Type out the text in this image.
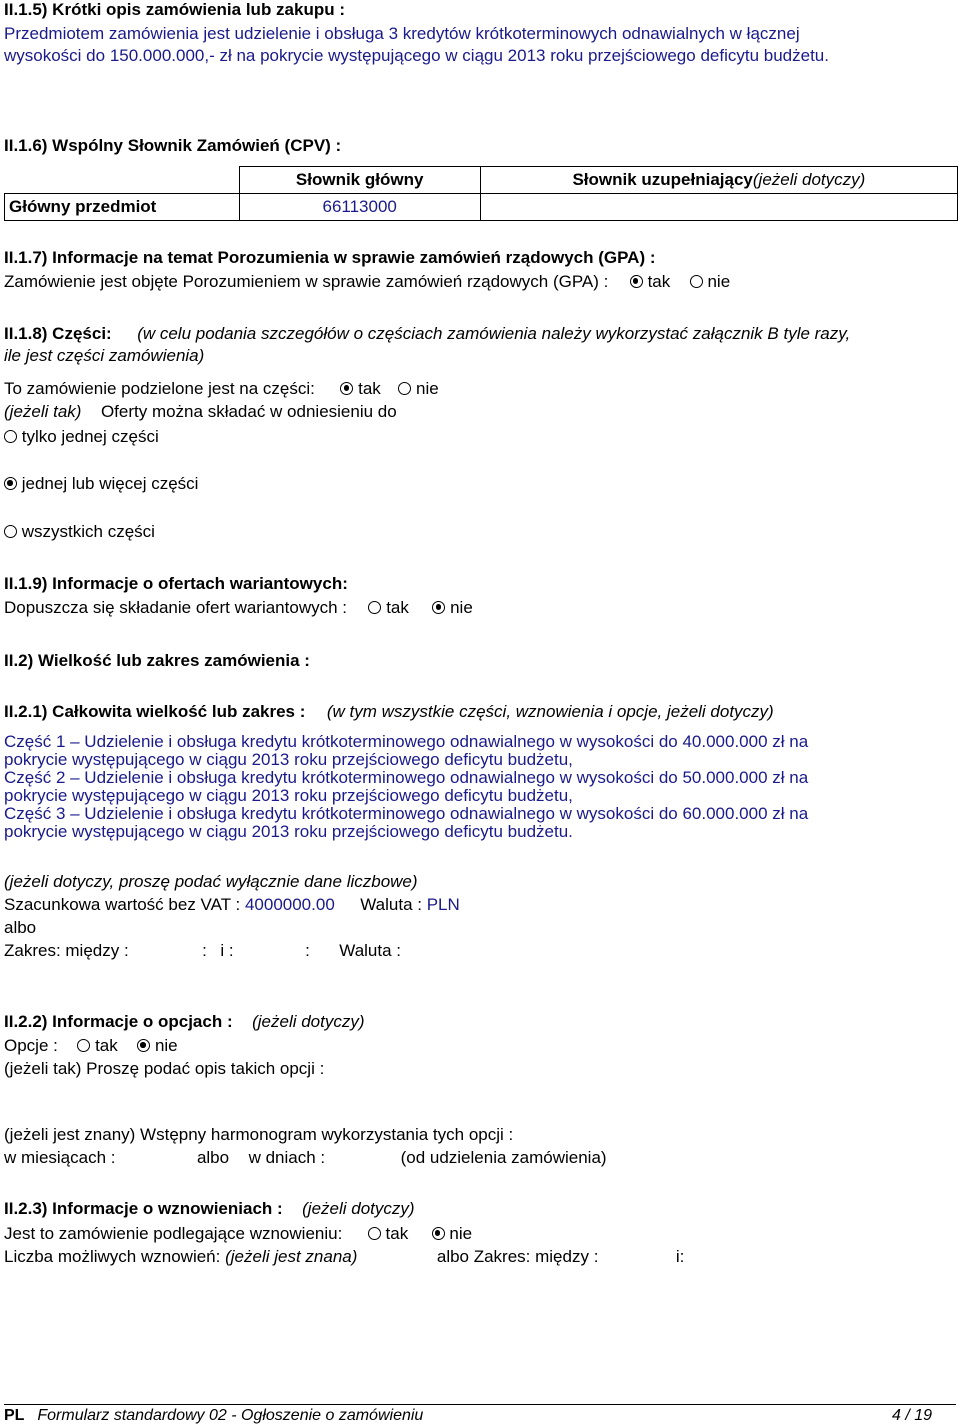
II.1.5) Krótki opis zamówienia lub zakupu :
Przedmiotem zamówienia jest udzielenie i obsługa 3 kredytów krótkoterminowych odnawialnych w łącznej
wysokości do 150.000.000,- zł na pokrycie występującego w ciągu 2013 roku przejściowego deficytu budżetu.
II.1.6) Wspólny Słownik Zamówień (CPV) :
	Słownik główny	Słownik uzupełniający(jeżeli dotyczy)
Główny przedmiot	66113000	
II.1.7) Informacje na temat Porozumienia w sprawie zamówień rządowych (GPA) :
Zamówienie jest objęte Porozumieniem w sprawie zamówień rządowych (GPA) : tak nie
II.1.8) Części: (w celu podania szczegółów o częściach zamówienia należy wykorzystać załącznik B tyle razy,
ile jest części zamówienia)
To zamówienie podzielone jest na części:	tak nie
(jeżeli tak) Oferty można składać w odniesieniu do
tylko jednej części
jednej lub więcej części
wszystkich części
II.1.9) Informacje o ofertach wariantowych:
Dopuszcza się składanie ofert wariantowych : tak nie
II.2) Wielkość lub zakres zamówienia :
II.2.1) Całkowita wielkość lub zakres : (w tym wszystkie części, wznowienia i opcje, jeżeli dotyczy)
Część 1 – Udzielenie i obsługa kredytu krótkoterminowego odnawialnego w wysokości do 40.000.000 zł na
pokrycie występującego w ciągu 2013 roku przejściowego deficytu budżetu,
Część 2 – Udzielenie i obsługa kredytu krótkoterminowego odnawialnego w wysokości do 50.000.000 zł na
pokrycie występującego w ciągu 2013 roku przejściowego deficytu budżetu,
Część 3 – Udzielenie i obsługa kredytu krótkoterminowego odnawialnego w wysokości do 60.000.000 zł na
pokrycie występującego w ciągu 2013 roku przejściowego deficytu budżetu.
(jeżeli dotyczy, proszę podać wyłącznie dane liczbowe)
Szacunkowa wartość bez VAT : 4000000.00 Waluta : PLN
albo
Zakres: między :	: i :	: Waluta :
II.2.2) Informacje o opcjach : (jeżeli dotyczy)
Opcje : tak nie
(jeżeli tak) Proszę podać opis takich opcji :
(jeżeli jest znany) Wstępny harmonogram wykorzystania tych opcji :
w miesiącach :	albo w dniach :	(od udzielenia zamówienia)
II.2.3) Informacje o wznowieniach : (jeżeli dotyczy)
Jest to zamówienie podlegające wznowieniu:	tak nie
Liczba możliwych wznowień: (jeżeli jest znana)	albo Zakres: między :	i:
PL Formularz standardowy 02 - Ogłoszenie o zamówieniu	4 / 19
